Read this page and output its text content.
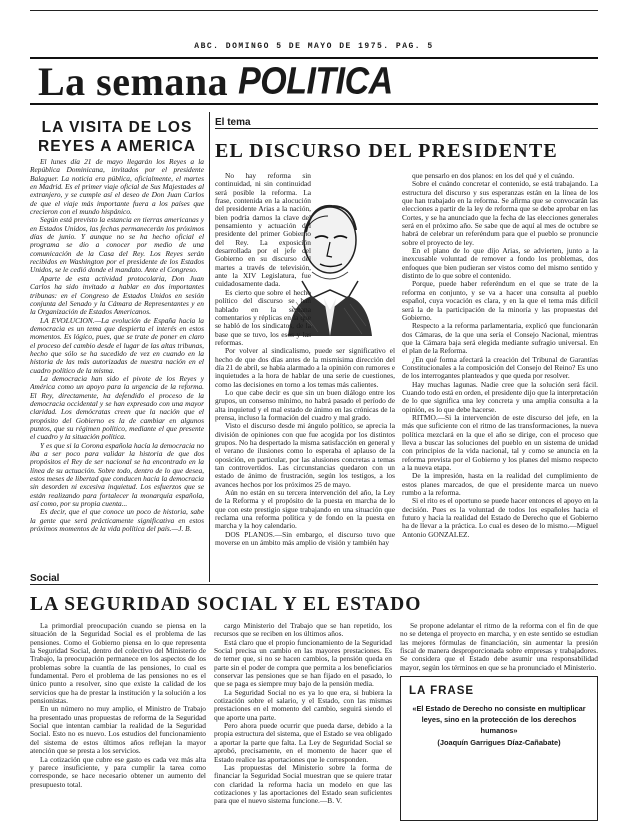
ABC. DOMINGO 5 DE MAYO DE 1975. PAG. 5
La semana POLITICA
LA VISITA DE LOS REYES A AMERICA

El lunes día 21 de mayo llegarán los Reyes a la República Dominicana, invitados por el presidente Balaguer. La noticia era pública, oficialmente, el martes en Madrid. Es el primer viaje oficial de Sus Majestades al extranjero, y se cumple así el deseo de Don Juan Carlos de que el viaje más importante fuera a los países que crecieron con el mundo hispánico.

Según está previsto la estancia en tierras americanas y en Estados Unidos, las fechas permanecerán los próximos días de junio. Y aunque no se ha hecho oficial el programa se dio a conocer por medio de una comunicación de la Casa del Rey. Los Reyes serán recibidos en Washington por el presidente de los Estados Unidos, se le cedió donde el mandato. Ante el Congreso.

Aparte de esta actividad protocolaria, Don Juan Carlos ha sido invitado a hablar en dos importantes tribunas: en el Congreso de Estados Unidos en sesión conjunta del Senado y la Cámara de Representantes y en la Organización de Estados Americanos.

LA EVOLUCION.—La evolución de España hacia la democracia es un tema que despierta el interés en estos momentos. Es lógico, pues, que se trate de poner en claro el proceso del cambio desde el lugar de las altas tribunas, hecho que sólo se ha sucedido de vez en cuando en la historia de las más autorizadas de nuestra nación en el cuadro político de la misma.

La democracia han sido el pivote de los Reyes y América como un apoyo para la urgencia de la reforma. El Rey, directamente, ha defendido el proceso de la democracia occidental y se han expresado con una mayor claridad. Los demócratas creen que la nación que el propósito del Gobierno es la de cambiar en algunos puntos, que su régimen político, mediante el que presente el cuadro y la situación política.

Y es que si la Corona española hacía la democracia no iba a ser poco para validar la historia de que dos propósitos el Rey de ser nacional se ha encontrado en la línea de su actuación. Sobre todo, dentro de lo que desea, estos meses de libertad que conducen hacia la democracia sin desorden ni excesiva inquietud. Los esfuerzos que se están realizando para fortalecer la monarquía española, así como, por su propia cuenta...

Es decir, que el que conoce un poco de historia, sabe la gente que será prácticamente significativa en estos próximos momentos de la vida política del país.—J. B.

El tema
EL DISCURSO DEL PRESIDENTE

No hay reforma sin continuidad, ni sin continuidad será posible la reforma. La frase, contenida en la alocución del presidente Arias a la nación, bien podría darnos la clave del pensamiento y actuación del presidente del primer Gobierno del Rey. La exposición desarrollada por el jefe del Gobierno en su discurso del martes a través de televisión, ante la XIV Legislatura, fue cuidadosamente dada.

Es cierto que sobre el hecho político del discurso se han hablado en la semana comentarios y réplicas en la que se habló de los sindicatos, de la base que se tuvo, los esos y las reformas.

Por volver al sindicalismo, puede ser significativo el hecho de que dos días antes de la mismísima dirección del día 21 de abril, se había alarmado a la opinión con rumores e inquietudes a la hora de hablar de una serie de cuestiones, como las decisiones en torno a los temas más calientes.

Lo que cabe decir es que sin un buen diálogo entre los grupos, un consenso mínimo, no habrá pasado el período de alta inquietud y el mal estado de ánimo en las crónicas de la prensa, incluso la formación del cuadro y mal grado.

Visto el discurso desde mi ángulo político, se aprecia la división de opiniones con que fue acogida por los distintos grupos. No ha despertado la misma satisfacción en general y el verano de ilusiones como lo esperaba el aplauso de la oposición, en particular, por las alusiones concretas a temas tan controvertidos. Las circunstancias quedaron con un estado de ánimo de frustración, según los testigos, a los avances hechos por los próximos 25 de mayo.

Aún no están en su tercera intervención del año, la Ley de la Reforma y el propósito de la puesta en marcha de lo que con este prestigio sigue trabajando en una situación que reclama una reforma política y de fondo en la puesta en marcha y la hoy calendario.

DOS PLANOS.—Sin embargo, el discurso tuvo que moverse en un ámbito más amplio de visión y también hay

que pensarlo en dos planos: en los del qué y el cuándo.

Sobre el cuándo concretar el contenido, se está trabajando. La estructura del discurso y sus esperanzas están en la línea de los que han trabajado en la reforma. Se afirma que se convocarán las elecciones a partir de la ley de reforma que se debe aprobar en las Cortes, y se ha anunciado que la fecha de las elecciones generales será en el próximo año. Se sabe que de aquí al mes de octubre se habrá de celebrar un referéndum para que el pueblo se pronuncie sobre el proyecto de ley.

En el plano de lo que dijo Arias, se advierten, junto a la inexcusable voluntad de remover a fondo los problemas, dos enfoques que bien pudieran ser vistos como del mismo sentido y distinto de lo que sobre el contenido.

Porque, puede haber referéndum en el que se trate de la reforma en conjunto, y se va a hacer una consulta al pueblo español, cuya vocación es clara, y en la que el tema más difícil será la de la participación de la minoría y las propuestas del Gobierno.

Respecto a la reforma parlamentaria, explicó que funcionarán dos Cámaras, de la que una sería el Consejo Nacional, mientras que la Cámara baja será elegida mediante sufragio universal. En el plan de la Reforma.

¿En qué forma afectará la creación del Tribunal de Garantías Constitucionales a la composición del Consejo del Reino? Es uno de los interrogantes planteados y que queda por resolver.

Hay muchas lagunas. Nadie cree que la solución será fácil. Cuando todo está en orden, el presidente dijo que la interpretación de lo que significa una ley concreta y una amplia consulta a la opinión, es lo que debe hacerse.

RITMO.—Si la intervención de este discurso del jefe, en la más que suficiente con el ritmo de las transformaciones, la nueva política mezclará en la que el año se dirige, con el proceso que lleva a buscar las soluciones del pueblo en un sistema de unidad con principios de la vida nacional, tal y como se anuncia en la reforma prevista por el Gobierno y los planes del mismo respecto a la nueva etapa.

De la impresión, hasta en la realidad del cumplimiento de estos planes marcados, de que el presidente marca un nuevo rumbo a la reforma.

Si el rito es el oportuno se puede hacer entonces el apoyo en la decisión. Pues es la voluntad de todos los españoles hacia el futuro y hacia la realidad del Estado de Derecho que el Gobierno ha de llevar a la práctica. Lo cual es deseo de lo mismo.—Miguel Antonio GONZALEZ.

Social
LA SEGURIDAD SOCIAL Y EL ESTADO

La primordial preocupación cuando se piensa en la situación de la Seguridad Social es el problema de las pensiones. Como el Gobierno piensa en lo que representa la Seguridad Social, dentro del colectivo del Ministerio de Trabajo, la preocupación permanece en los aspectos de los problemas sobre la cuantía de las pensiones, lo cual es fundamental. Pero el problema de las pensiones no es el único punto a resolver, sino que existe la calidad de los servicios que ha de prestar la institución y la solución a los pensionistas.

En un número no muy amplio, el Ministro de Trabajo ha presentado unas propuestas de reforma de la Seguridad Social que intentan cambiar la realidad de la Seguridad Social. Esto no es nuevo. Los estudios del funcionamiento del sistema de estos últimos años reflejan la mayor atención que se presta a los servicios.

La cotización que cubre ese gasto es cada vez más alta y parece insuficiente, y para cumplir la tarea como corresponde, se hace necesario obtener un aumento del presupuesto total.

cargo Ministerio del Trabajo que se han repetido, los recursos que se reciben en los últimos años.

Está claro que el propio funcionamiento de la Seguridad Social precisa un cambio en las mayores prestaciones. Es de temer que, si no se hacen cambios, la pensión queda en parte sin el poder de compra que permita a los beneficiarios conservar las pensiones que se han fijado en el pasado, lo que se paga es siempre muy bajo de la pensión media.

La Seguridad Social no es ya lo que era, si hubiera la cotización sobre el salario, y el Estado, con las mismas prestaciones en el momento del cambio, seguirá siendo el que aporte una parte.

Pero ahora puede ocurrir que pueda darse, debido a la propia estructura del sistema, que el Estado se vea obligado a aportar la parte que falta. La Ley de Seguridad Social se aprobó, precisamente, en el momento de hacer que el Estado realice las aportaciones que le corresponden.

Las propuestas del Ministerio sobre la forma de financiar la Seguridad Social muestran que se quiere tratar con claridad la reforma hacia un modelo en que las cotizaciones y las aportaciones del Estado sean suficientes para que el nuevo sistema funcione.—B. V.

Se propone adelantar el ritmo de la reforma con el fin de que no se detenga el proyecto en marcha, y en este sentido se estudian las mejores fórmulas de financiación, sin aumentar la presión fiscal de manera desproporcionada sobre empresas y trabajadores. Se considera que el Estado debe asumir una responsabilidad mayor, según los términos en que se ha pronunciado el Ministerio.

LA FRASE
«El Estado de Derecho no consiste en multiplicar leyes, sino en la protección de los derechos humanos»
(Joaquín Garrigues Díaz-Cañabate)
